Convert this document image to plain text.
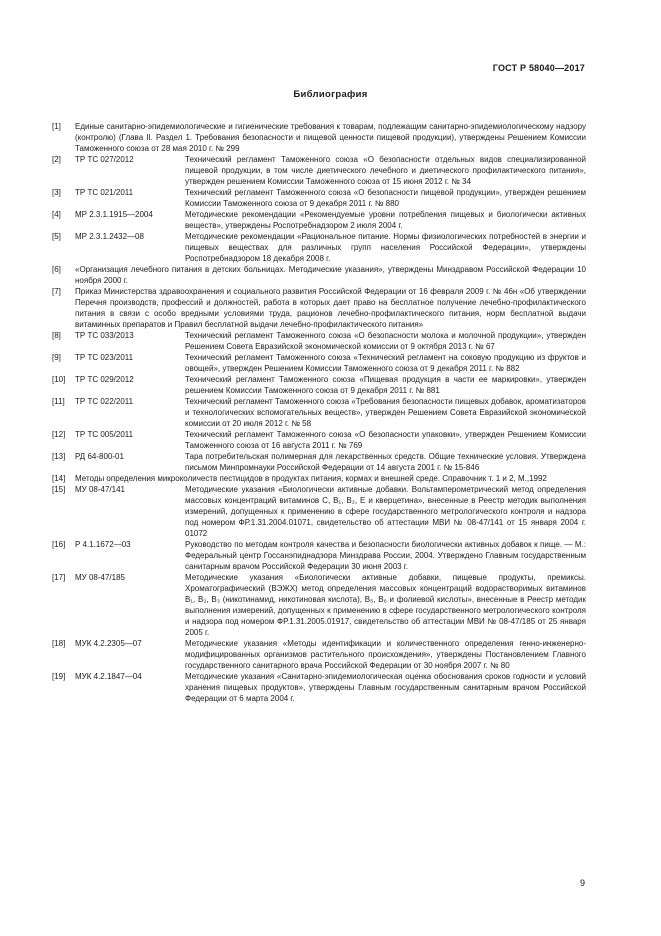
ГОСТ Р 58040—2017
Библиография
[1]	Единые санитарно-эпидемиологические и гигиенические требования к товарам, подлежащим санитарно-эпидемиологическому надзору (контролю) (Глава II. Раздел 1. Требования безопасности и пищевой ценности пищевой продукции), утверждены Решением Комиссии Таможенного союза от 28 мая 2010 г. № 299
[2]	ТР ТС 027/2012	Технический регламент Таможенного союза «О безопасности отдельных видов специализированной пищевой продукции, в том числе диетического лечебного и диетического профилактического питания», утвержден решением Комиссии Таможенного союза от 15 июня 2012 г. № 34
[3]	ТР ТС 021/2011	Технический регламент Таможенного союза «О безопасности пищевой продукции», утвержден решением Комиссии Таможенного союза от 9 декабря 2011 г. № 880
[4]	МР 2.3.1.1915—2004	Методические рекомендации «Рекомендуемые уровни потребления пищевых и биологически активных веществ», утверждены Роспотребнадзором 2 июля 2004 г.
[5]	МР 2.3.1.2432—08	Методические рекомендации «Рациональное питание. Нормы физиологических потребностей в энергии и пищевых веществах для различных групп населения Российской Федерации», утверждены Роспотребнадзором 18 декабря 2008 г.
[6]	«Организация лечебного питания в детских больницах. Методические указания», утверждены Минздравом Российской Федерации 10 ноября 2000 г.
[7]	Приказ Министерства здравоохранения и социального развития Российской Федерации от 16 февраля 2009 г. № 46н «Об утверждении Перечня производств, профессий и должностей, работа в которых дает право на бесплатное получение лечебно-профилактического питания в связи с особо вредными условиями труда, рационов лечебно-профилактического питания, норм бесплатной выдачи витаминных препаратов и Правил бесплатной выдачи лечебно-профилактического питания»
[8]	ТР ТС 033/2013	Технический регламент Таможенного союза «О безопасности молока и молочной продукции», утвержден Решением Совета Евразийской экономической комиссии от 9 октября 2013 г. № 67
[9]	ТР ТС 023/2011	Технический регламент Таможенного союза «Технический регламент на соковую продукцию из фруктов и овощей», утвержден Решением Комиссии Таможенного союза от 9 декабря 2011 г. № 882
[10]	ТР ТС 029/2012	Технический регламент Таможенного союза «Пищевая продукция в части ее маркировки», утвержден решением Комиссии Таможенного союза от 9 декабря 2011 г. № 881
[11]	ТР ТС 022/2011	Технический регламент Таможенного союза «Требования безопасности пищевых добавок, ароматизаторов и технологических вспомогательных веществ», утвержден Решением Совета Евразийской экономической комиссии от 20 июля 2012 г. № 58
[12]	ТР ТС 005/2011	Технический регламент Таможенного союза «О безопасности упаковки», утвержден Решением Комиссии Таможенного союза от 16 августа 2011 г. № 769
[13]	РД 64-800-01	Тара потребительская полимерная для лекарственных средств. Общие технические условия. Утверждена письмом Минпромнауки Российской Федерации от 14 августа 2001 г. № 15-846
[14]	Методы определения микроколичеств пестицидов в продуктах питания, кормах и внешней среде. Справочник т. 1 и 2, М.,1992
[15]	МУ 08-47/141	Методические указания «Биологически активные добавки. Вольтамперометрический метод определения массовых концентраций витаминов С, В₁, В₂, Е и кверцетина», внесенные в Реестр методик выполнения измерений, допущенных к применению в сфере государственного метрологического контроля и надзора под номером ФР.1.31.2004.01071, свидетельство об аттестации МВИ № 08-47/141 от 15 января 2004 г. 01072
[16]	Р 4.1.1672—03	Руководство по методам контроля качества и безопасности биологически активных добавок к пище. — М.: Федеральный центр Госсанэпиднадзора Минздрава России, 2004. Утверждено Главным государственным санитарным врачом Российской Федерации 30 июня 2003 г.
[17]	МУ 08-47/185	Методические указания «Биологически активные добавки, пищевые продукты, премиксы. Хроматографический (ВЭЖХ) метод определения массовых концентраций водорастворимых витаминов В₁, В₂, В₃ (никотинамид, никотиновая кислота), В₅, В₆ и фолиевой кислоты», внесенные в Реестр методик выполнения измерений, допущенных к применению в сфере государственного метрологического контроля и надзора под номером ФР.1.31.2005.01917, свидетельство об аттестации МВИ № 08-47/185 от 25 января 2005 г.
[18]	МУК 4.2.2305—07	Методические указания «Методы идентификации и количественного определения генно-инженерно-модифицированных организмов растительного происхождения», утверждены Постановлением Главного государственного санитарного врача Российской Федерации от 30 ноября 2007 г. № 80
[19]	МУК 4.2.1847—04	Методические указания «Санитарно-эпидемиологическая оценка обоснования сроков годности и условий хранения пищевых продуктов», утверждены Главным государственным санитарным врачом Российской Федерации от 6 марта 2004 г.
9
